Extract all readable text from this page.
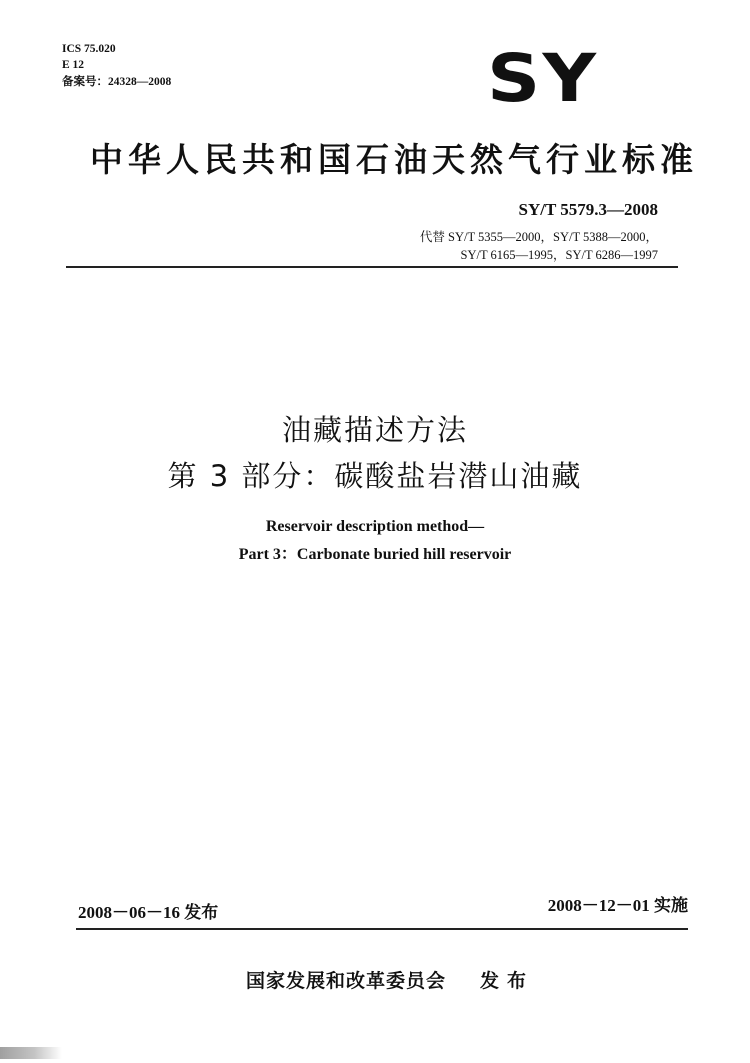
ICS 75.020
E 12
备案号：24328—2008	SY
中华人民共和国石油天然气行业标准
SY/T 5579.3—2008
代替 SY/T 5355—2000，SY/T 5388—2000，
SY/T 6165—1995，SY/T 6286—1997
油藏描述方法
第 3 部分：碳酸盐岩潜山油藏
Reservoir description method—
Part 3：Carbonate buried hill reservoir
2008－06－16 发布	2008－12－01 实施
国家发展和改革委员会 发布
